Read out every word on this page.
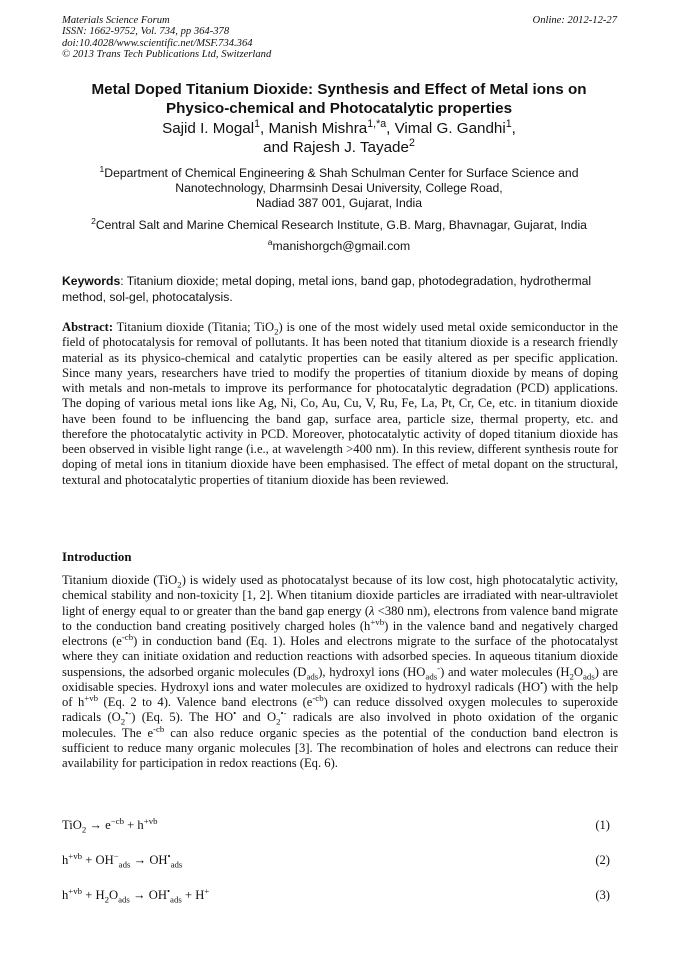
Materials Science Forum
ISSN: 1662-9752, Vol. 734, pp 364-378
doi:10.4028/www.scientific.net/MSF.734.364
© 2013 Trans Tech Publications Ltd, Switzerland
Online: 2012-12-27
Metal Doped Titanium Dioxide: Synthesis and Effect of Metal ions on
Physico-chemical and Photocatalytic properties
Sajid I. Mogal$^1$, Manish Mishra$^{1,*a}$, Vimal G. Gandhi$^1$,
and Rajesh J. Tayade$^2$
$^1$Department of Chemical Engineering & Shah Schulman Center for Surface Science and Nanotechnology, Dharmsinh Desai University, College Road,
Nadiad 387 001, Gujarat, India
$^2$Central Salt and Marine Chemical Research Institute, G.B. Marg, Bhavnagar, Gujarat, India
$^a$manishorgch@gmail.com
Keywords: Titanium dioxide; metal doping, metal ions, band gap, photodegradation, hydrothermal method, sol-gel, photocatalysis.
Abstract: Titanium dioxide (Titania; TiO$_2$) is one of the most widely used metal oxide semiconductor in the field of photocatalysis for removal of pollutants. It has been noted that titanium dioxide is a research friendly material as its physico-chemical and catalytic properties can be easily altered as per specific application. Since many years, researchers have tried to modify the properties of titanium dioxide by means of doping with metals and non-metals to improve its performance for photocatalytic degradation (PCD) applications. The doping of various metal ions like Ag, Ni, Co, Au, Cu, V, Ru, Fe, La, Pt, Cr, Ce, etc. in titanium dioxide have been found to be influencing the band gap, surface area, particle size, thermal property, etc. and therefore the photocatalytic activity in PCD. Moreover, photocatalytic activity of doped titanium dioxide has been observed in visible light range (i.e., at wavelength >400 nm). In this review, different synthesis route for doping of metal ions in titanium dioxide have been emphasised. The effect of metal dopant on the structural, textural and photocatalytic properties of titanium dioxide has been reviewed.
Introduction
Titanium dioxide (TiO$_2$) is widely used as photocatalyst because of its low cost, high photocatalytic activity, chemical stability and non-toxicity [1, 2]. When titanium dioxide particles are irradiated with near-ultraviolet light of energy equal to or greater than the band gap energy (λ <380 nm), electrons from valence band migrate to the conduction band creating positively charged holes $(h^{+vb})$ in the valence band and negatively charged electrons $(e^{-cb})$ in conduction band (Eq. 1). Holes and electrons migrate to the surface of the photocatalyst where they can initiate oxidation and reduction reactions with adsorbed species. In aqueous titanium dioxide suspensions, the adsorbed organic molecules $(D_{ads})$, hydroxyl ions $(HO_{ads}^-)$ and water molecules $(H_2O_{ads})$ are oxidisable species. Hydroxyl ions and water molecules are oxidized to hydroxyl radicals (HO•) with the help of $h^{+vb}$ (Eq. 2 to 4). Valence band electrons $(e^{-cb})$ can reduce dissolved oxygen molecules to superoxide radicals $(O_2^{•-})$ (Eq. 5). The HO• and $O_2^{•-}$ radicals are also involved in photo oxidation of the organic molecules. The $e^{-cb}$ can also reduce organic species as the potential of the conduction band electron is sufficient to reduce many organic molecules [3]. The recombination of holes and electrons can reduce their availability for participation in redox reactions (Eq. 6).
$TiO_2 \to e^{-cb} + h^{+vb}$	(1)
$h^{+vb} + OH^-_{ads} \to OH^•_{ads}$	(2)
$h^{+vb} + H_2O_{ads} \to OH^•_{ads} + H^+$	(3)
